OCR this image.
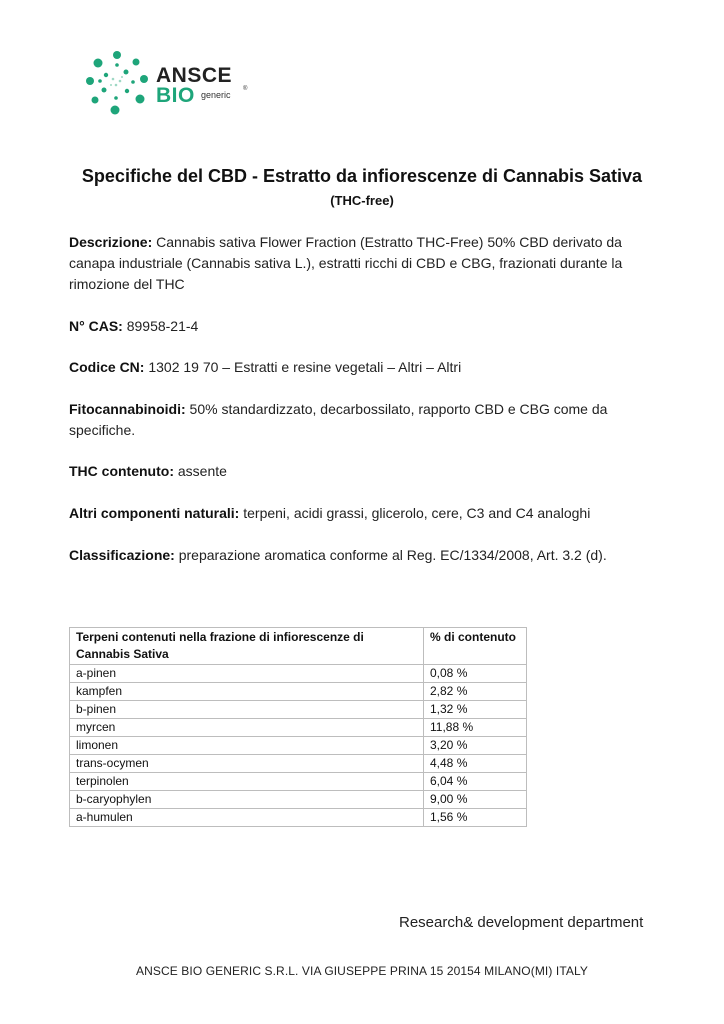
ANSCE
BIO generic
®
Specifiche del CBD - Estratto da infiorescenze di Cannabis Sativa
(THC-free)
Descrizione: Cannabis sativa Flower Fraction (Estratto THC-Free) 50% CBD derivato da canapa industriale (Cannabis sativa L.), estratti ricchi di CBD e CBG, frazionati durante la rimozione del THC
N° CAS: 89958-21-4
Codice CN: 1302 19 70 – Estratti e resine vegetali – Altri – Altri
Fitocannabinoidi: 50% standardizzato, decarbossilato, rapporto CBD e CBG come da specifiche.
THC contenuto: assente
Altri componenti naturali: terpeni, acidi grassi, glicerolo, cere, C3 and C4 analoghi
Classificazione: preparazione aromatica conforme al Reg. EC/1334/2008, Art. 3.2 (d).
Terpeni contenuti nella frazione di infiorescenze di Cannabis Sativa	% di contenuto
a-pinen	0,08 %
kampfen	2,82 %
b-pinen	1,32 %
myrcen	11,88 %
limonen	3,20 %
trans-ocymen	4,48 %
terpinolen	6,04 %
b-caryophylen	9,00 %
a-humulen	1,56 %
Research& development department
ANSCE BIO GENERIC S.R.L. VIA GIUSEPPE PRINA 15 20154 MILANO(MI) ITALY
